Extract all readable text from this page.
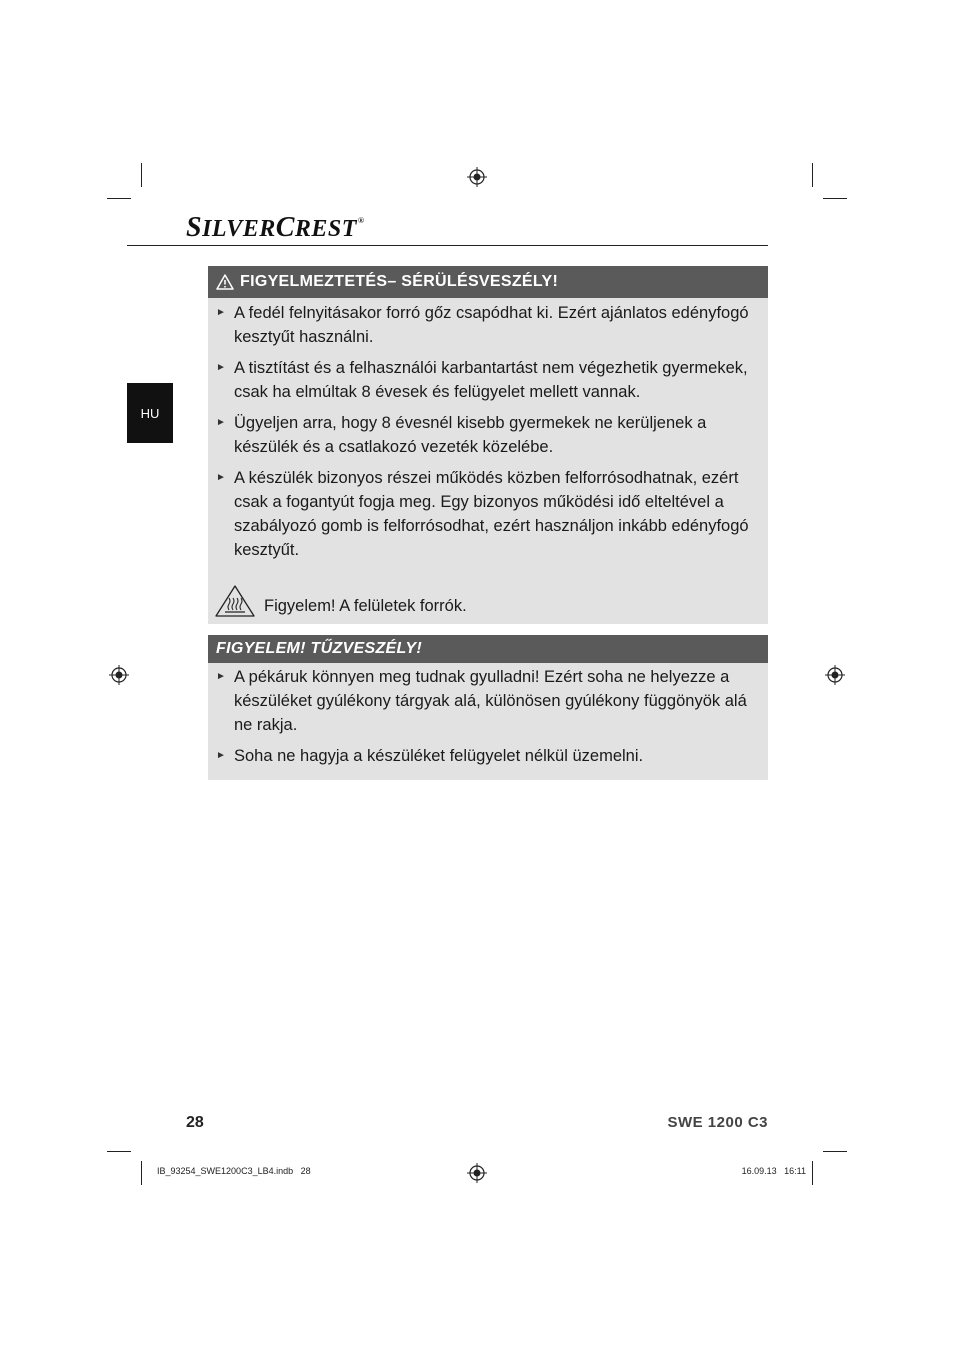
SILVERCREST®
HU
FIGYELMEZTETÉS– SÉRÜLÉSVESZÉLY!
► A fedél felnyitásakor forró gőz csapódhat ki. Ezért ajánlatos edényfogó kesztyűt használni.
► A tisztítást és a felhasználói karbantartást nem végezhetik gyermekek, csak ha elmúltak 8 évesek és felügyelet mellett vannak.
► Ügyeljen arra, hogy 8 évesnél kisebb gyermekek ne kerüljenek a készülék és a csatlakozó vezeték közelébe.
► A készülék bizonyos részei működés közben felforrósodhatnak, ezért csak a fogantyút fogja meg. Egy bizonyos működési idő elteltével a szabályozó gomb is felforrósodhat, ezért használjon inkább edényfogó kesztyűt.
Figyelem! A felületek forrók.
FIGYELEM! TŰZVESZÉLY!
► A pékáruk könnyen meg tudnak gyulladni! Ezért soha ne helyezze a készüléket gyúlékony tárgyak alá, különösen gyúlékony függönyök alá ne rakja.
► Soha ne hagyja a készüléket felügyelet nélkül üzemelni.
28	SWE 1200 C3
IB_93254_SWE1200C3_LB4.indb   28	16.09.13   16:11
